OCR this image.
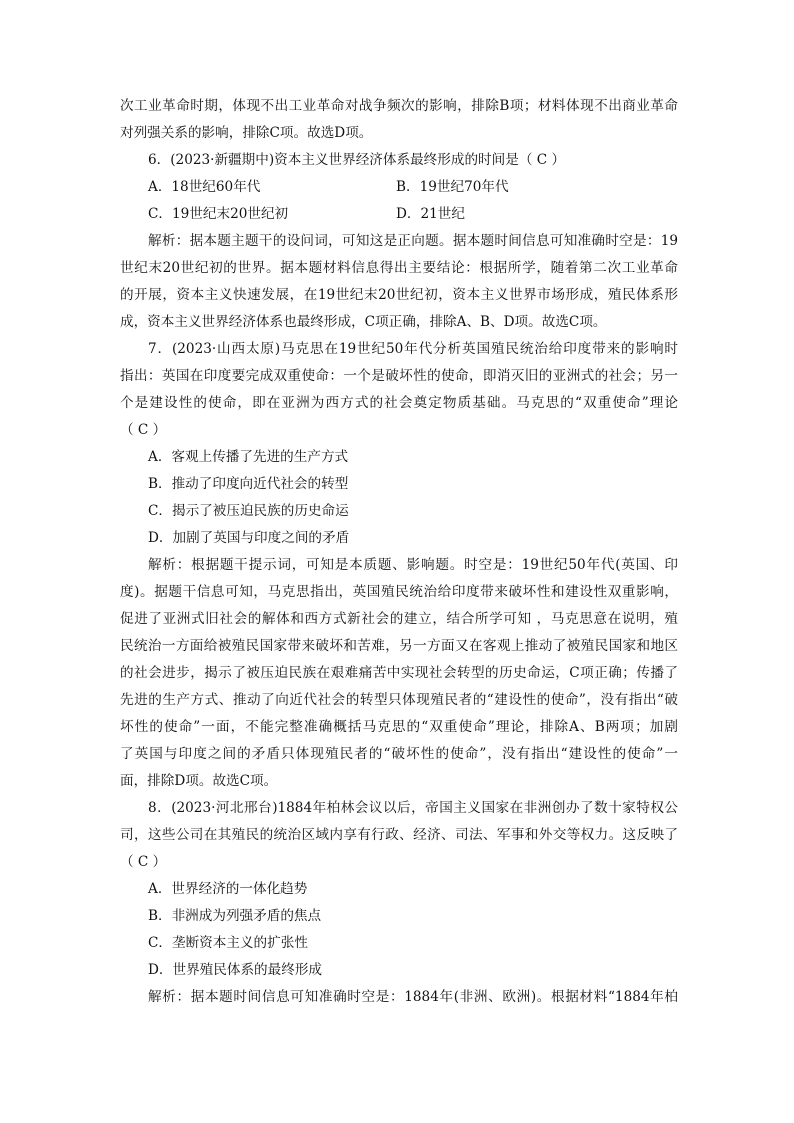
次工业革命时期，体现不出工业革命对战争频次的影响，排除B项；材料体现不出商业革命
对列强关系的影响，排除C项。故选D项。
6．(2023·新疆期中)资本主义世界经济体系最终形成的时间是（ C ）
A．18世纪60年代	B．19世纪70年代
C．19世纪末20世纪初	D．21世纪
解析：据本题主题干的设问词，可知这是正向题。据本题时间信息可知准确时空是：19
世纪末20世纪初的世界。据本题材料信息得出主要结论：根据所学，随着第二次工业革命
的开展，资本主义快速发展，在19世纪末20世纪初，资本主义世界市场形成，殖民体系形
成，资本主义世界经济体系也最终形成，C项正确，排除A、B、D项。故选C项。
7．(2023·山西太原)马克思在19世纪50年代分析英国殖民统治给印度带来的影响时
指出：英国在印度要完成双重使命：一个是破坏性的使命，即消灭旧的亚洲式的社会；另一
个是建设性的使命，即在亚洲为西方式的社会奠定物质基础。马克思的“双重使命”理论
（ C ）
A．客观上传播了先进的生产方式
B．推动了印度向近代社会的转型
C．揭示了被压迫民族的历史命运
D．加剧了英国与印度之间的矛盾
解析：根据题干提示词，可知是本质题、影响题。时空是：19世纪50年代(英国、印
度)。据题干信息可知，马克思指出，英国殖民统治给印度带来破坏性和建设性双重影响，
促进了亚洲式旧社会的解体和西方式新社会的建立，结合所学可知 ，马克思意在说明，殖
民统治一方面给被殖民国家带来破坏和苦难，另一方面又在客观上推动了被殖民国家和地区
的社会进步，揭示了被压迫民族在艰难痛苦中实现社会转型的历史命运，C项正确；传播了
先进的生产方式、推动了向近代社会的转型只体现殖民者的“建设性的使命”，没有指出“破
坏性的使命”一面，不能完整准确概括马克思的“双重使命”理论，排除A、B两项；加剧
了英国与印度之间的矛盾只体现殖民者的“破坏性的使命”，没有指出“建设性的使命”一
面，排除D项。故选C项。
8．(2023·河北邢台)1884年柏林会议以后，帝国主义国家在非洲创办了数十家特权公
司，这些公司在其殖民的统治区域内享有行政、经济、司法、军事和外交等权力。这反映了
（ C ）
A．世界经济的一体化趋势
B．非洲成为列强矛盾的焦点
C．垄断资本主义的扩张性
D．世界殖民体系的最终形成
解析：据本题时间信息可知准确时空是：1884年(非洲、欧洲)。根据材料“1884年柏
